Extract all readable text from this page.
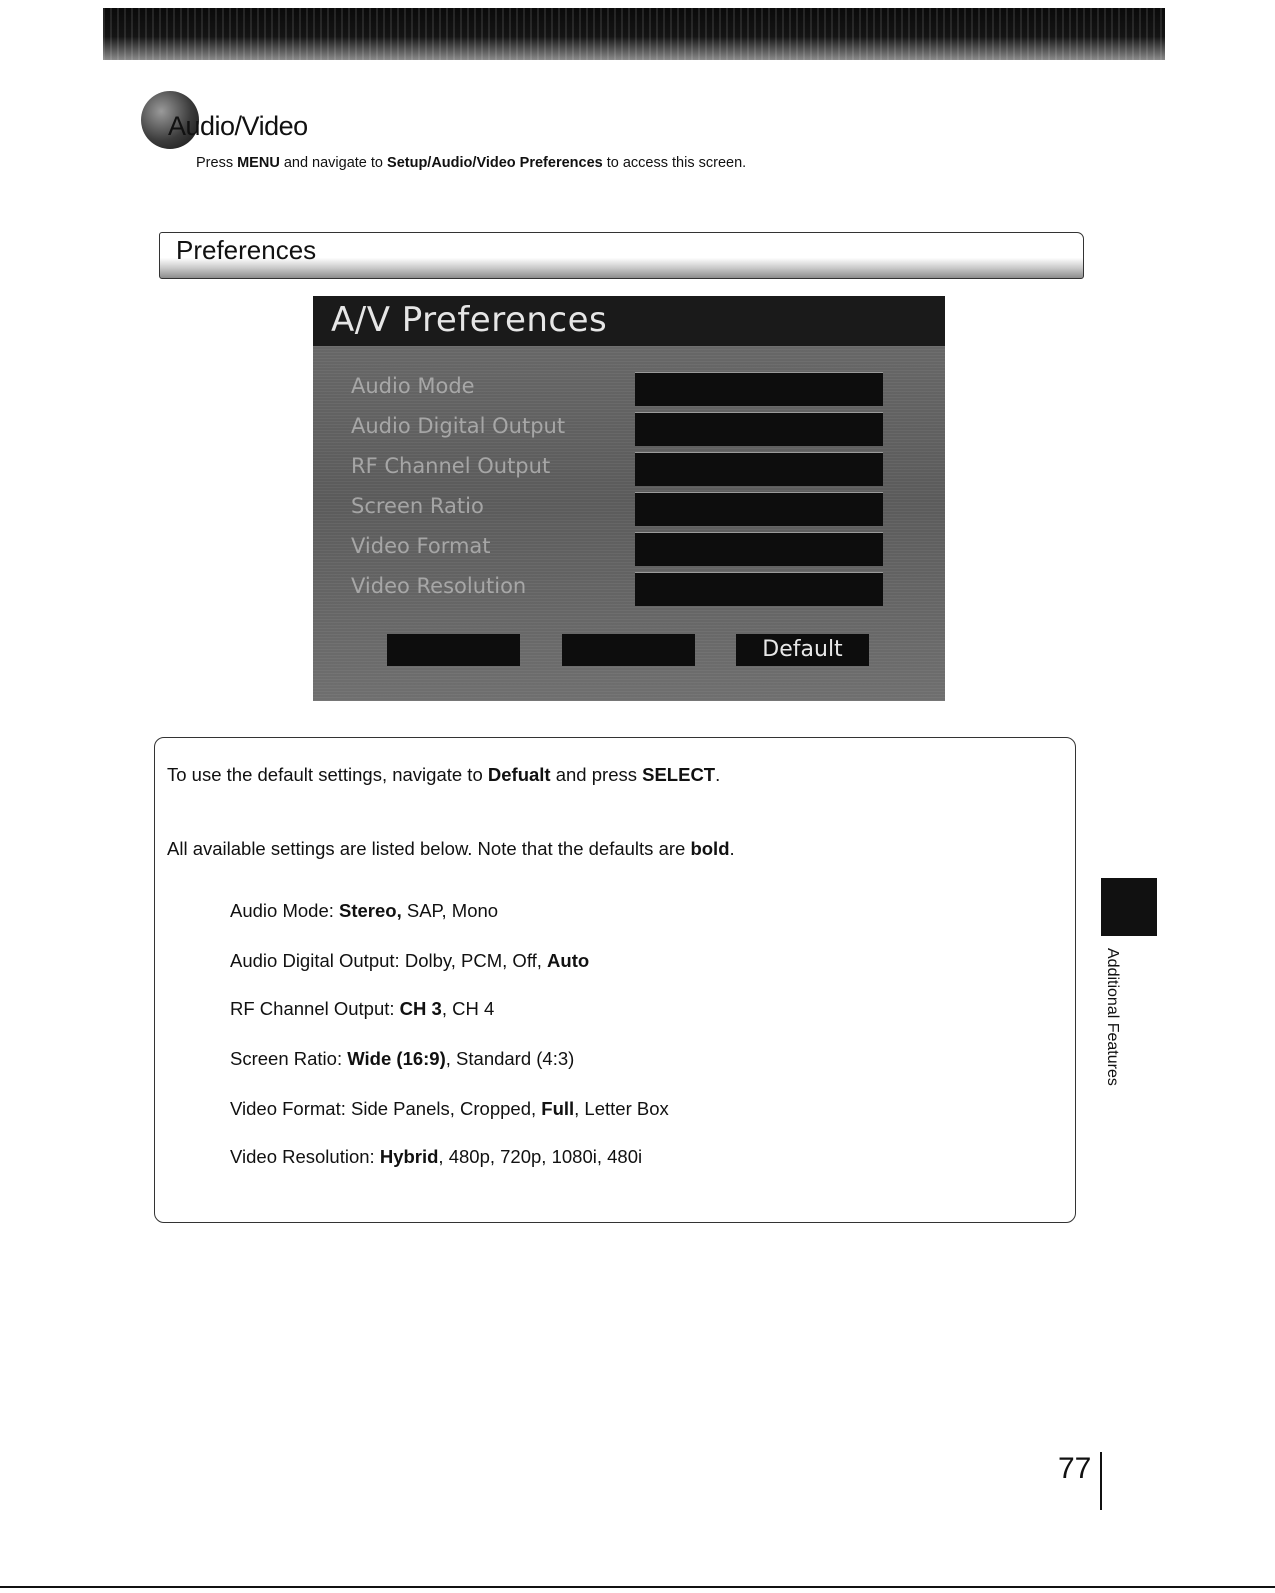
Audio/Video
Press MENU and navigate to Setup/Audio/Video Preferences to access this screen.
Preferences
A/V Preferences
Audio Mode
Audio Digital Output
RF Channel Output
Screen Ratio
Video Format
Video Resolution
Default
To use the default settings, navigate to Defualt and press SELECT.
All available settings are listed below. Note that the defaults are bold.
Audio Mode: Stereo, SAP, Mono
Audio Digital Output: Dolby, PCM, Off, Auto
RF Channel Output: CH 3, CH 4
Screen Ratio: Wide (16:9), Standard (4:3)
Video Format: Side Panels, Cropped, Full, Letter Box
Video Resolution: Hybrid, 480p, 720p, 1080i, 480i
Additional Features
77
